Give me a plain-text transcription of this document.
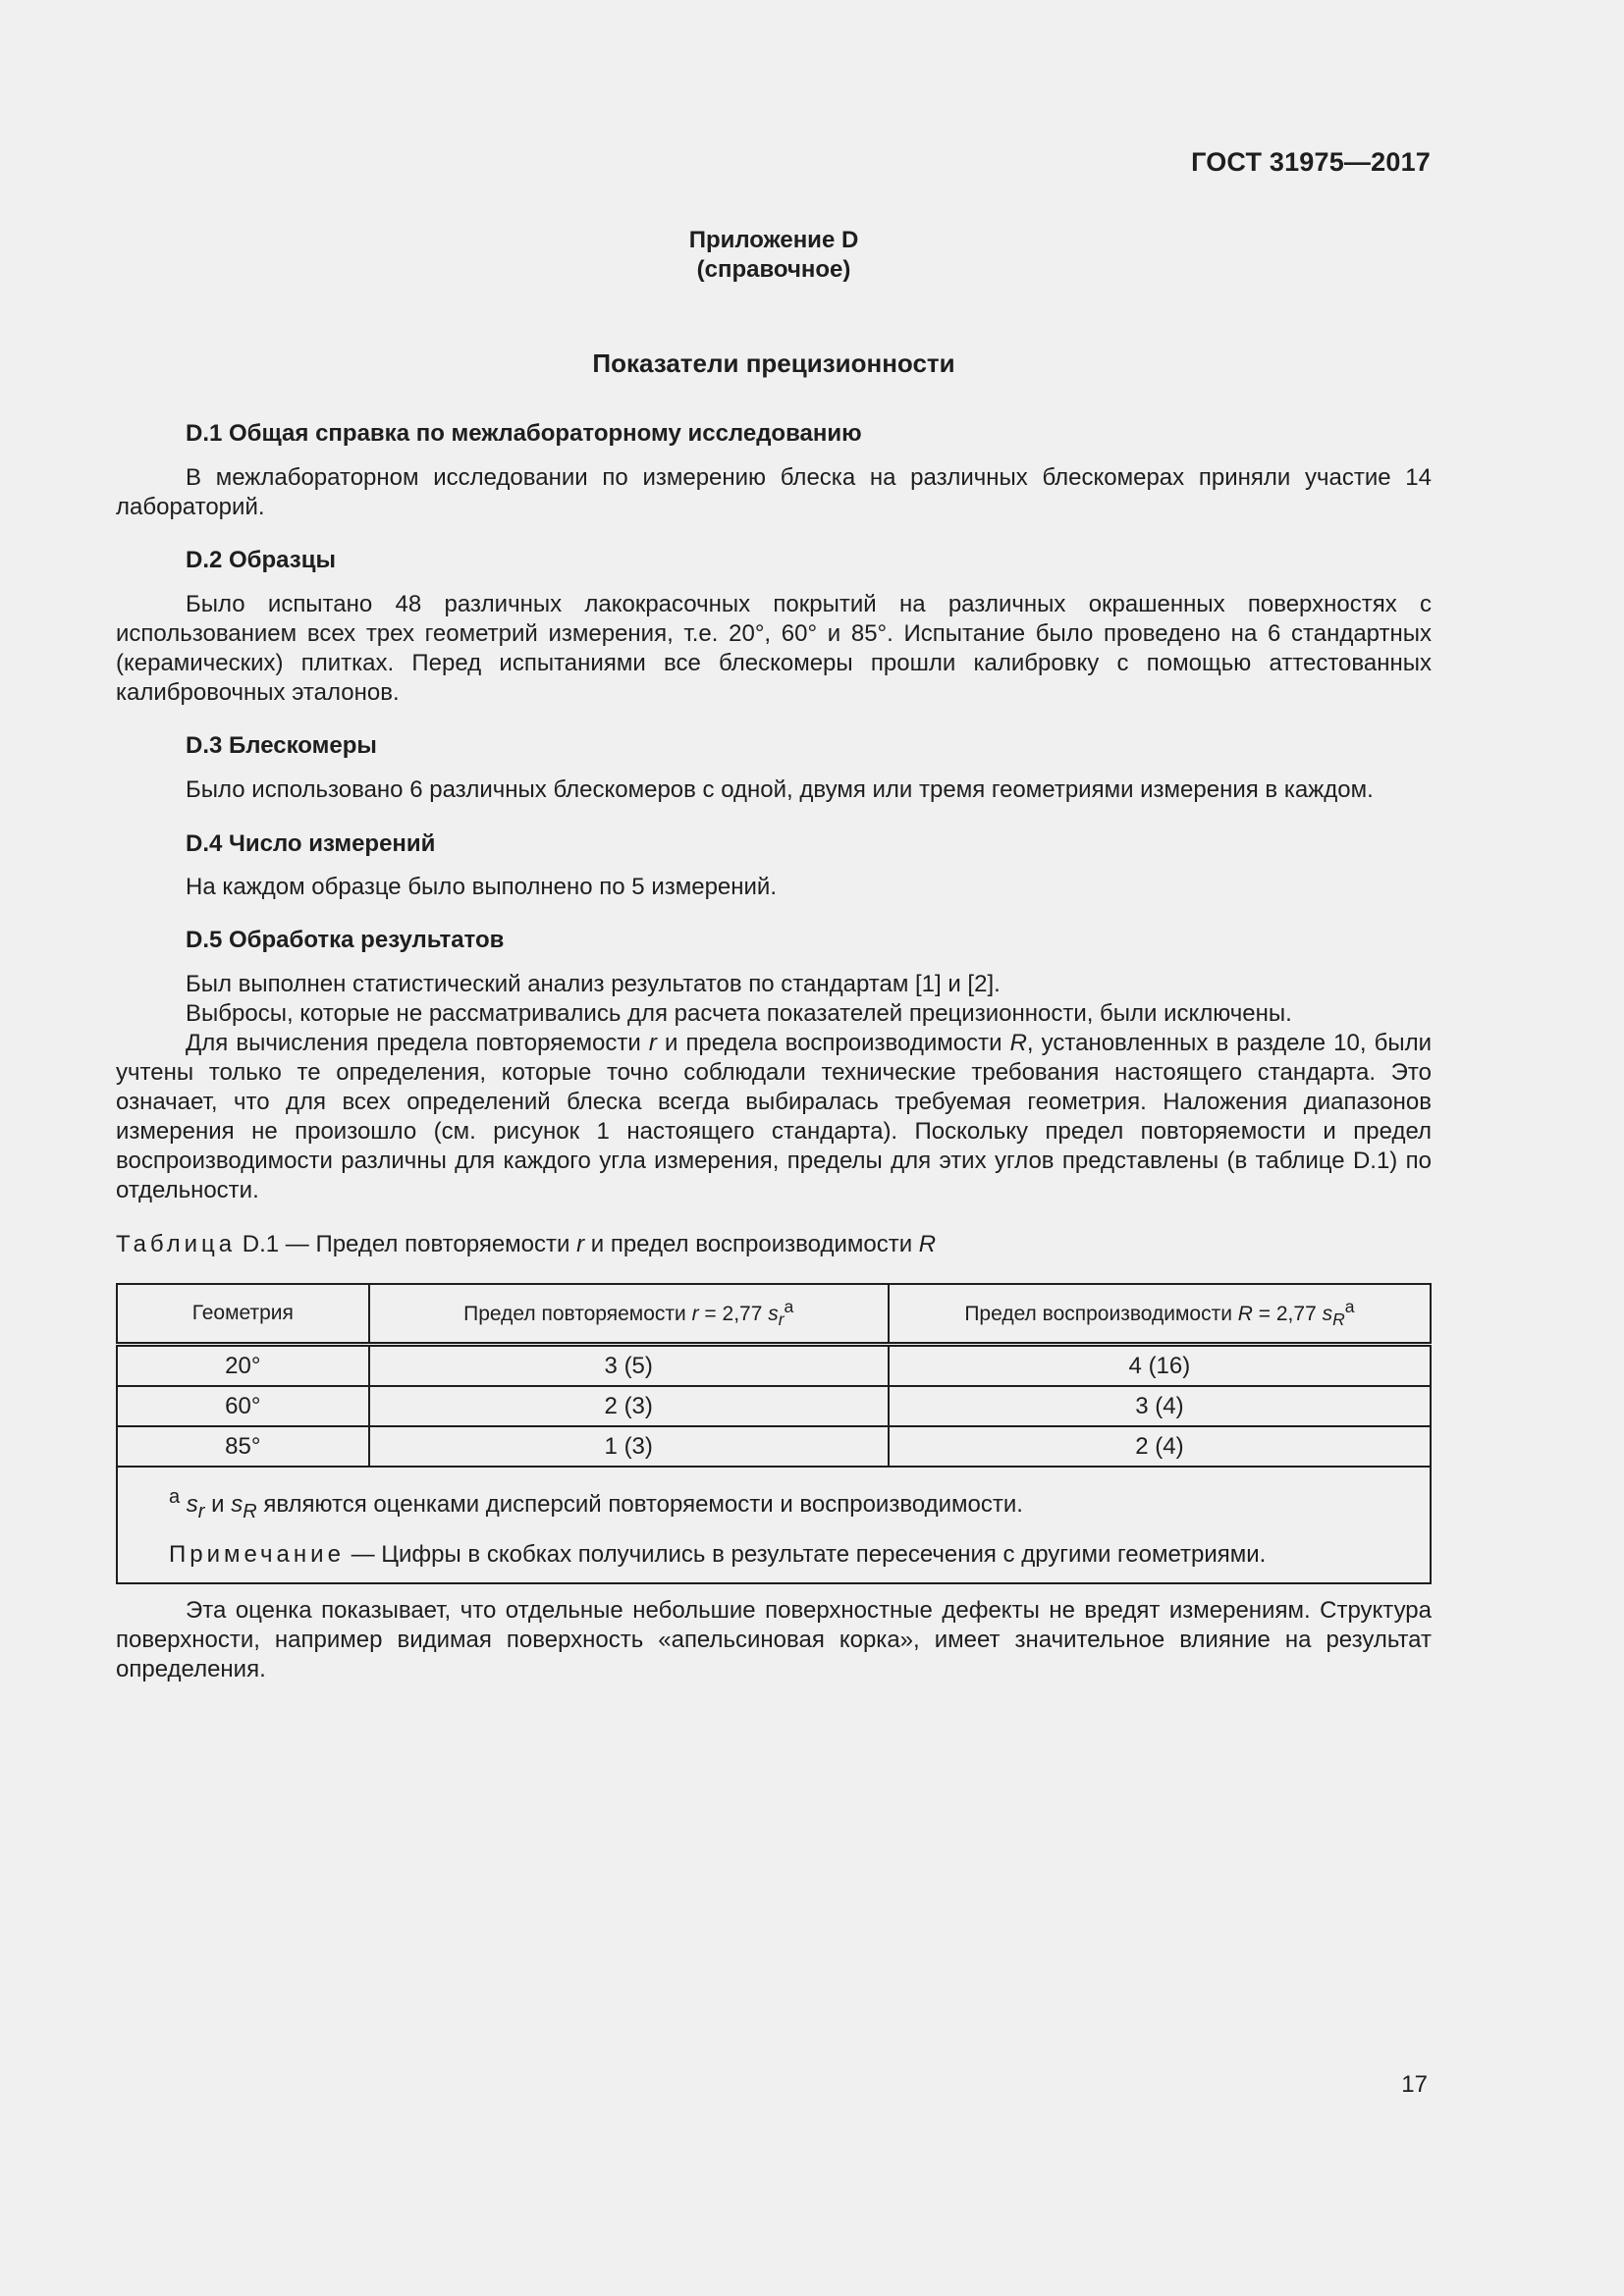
ГОСТ 31975—2017
Приложение D
(справочное)
Показатели прецизионности

D.1 Общая справка по межлабораторному исследованию

В межлабораторном исследовании по измерению блеска на различных блескомерах приняли участие 14 лабораторий.

D.2 Образцы

Было испытано 48 различных лакокрасочных покрытий на различных окрашенных поверхностях с использованием всех трех геометрий измерения, т.е. 20°, 60° и 85°. Испытание было проведено на 6 стандартных (керамических) плитках. Перед испытаниями все блескомеры прошли калибровку с помощью аттестованных калибровочных эталонов.

D.3 Блескомеры

Было использовано 6 различных блескомеров с одной, двумя или тремя геометриями измерения в каждом.

D.4 Число измерений

На каждом образце было выполнено по 5 измерений.

D.5 Обработка результатов

Был выполнен статистический анализ результатов по стандартам [1] и [2].

Выбросы, которые не рассматривались для расчета показателей прецизионности, были исключены.

Для вычисления предела повторяемости r и предела воспроизводимости R, установленных в разделе 10, были учтены только те определения, которые точно соблюдали технические требования настоящего стандарта. Это означает, что для всех определений блеска всегда выбиралась требуемая геометрия. Наложения диапазонов измерения не произошло (см. рисунок 1 настоящего стандарта). Поскольку предел повторяемости и предел воспроизводимости различны для каждого угла измерения, пределы для этих углов представлены (в таблице D.1) по отдельности.

Таблица D.1 — Предел повторяемости r и предел воспроизводимости R
Геометрия	Предел повторяемости r = 2,77 $s_r^a$	Предел воспроизводимости R = 2,77 $s_R^a$
20°	3 (5)	4 (16)
60°	2 (3)	3 (4)
85°	1 (3)	2 (4)

$^a$ $s_r$ и $s_R$ являются оценками дисперсий повторяемости и воспроизводимости.
Примечание — Цифры в скобках получились в результате пересечения с другими геометриями.		

Эта оценка показывает, что отдельные небольшие поверхностные дефекты не вредят измерениям. Структура поверхности, например видимая поверхность «апельсиновая корка», имеет значительное влияние на результат определения.

17
